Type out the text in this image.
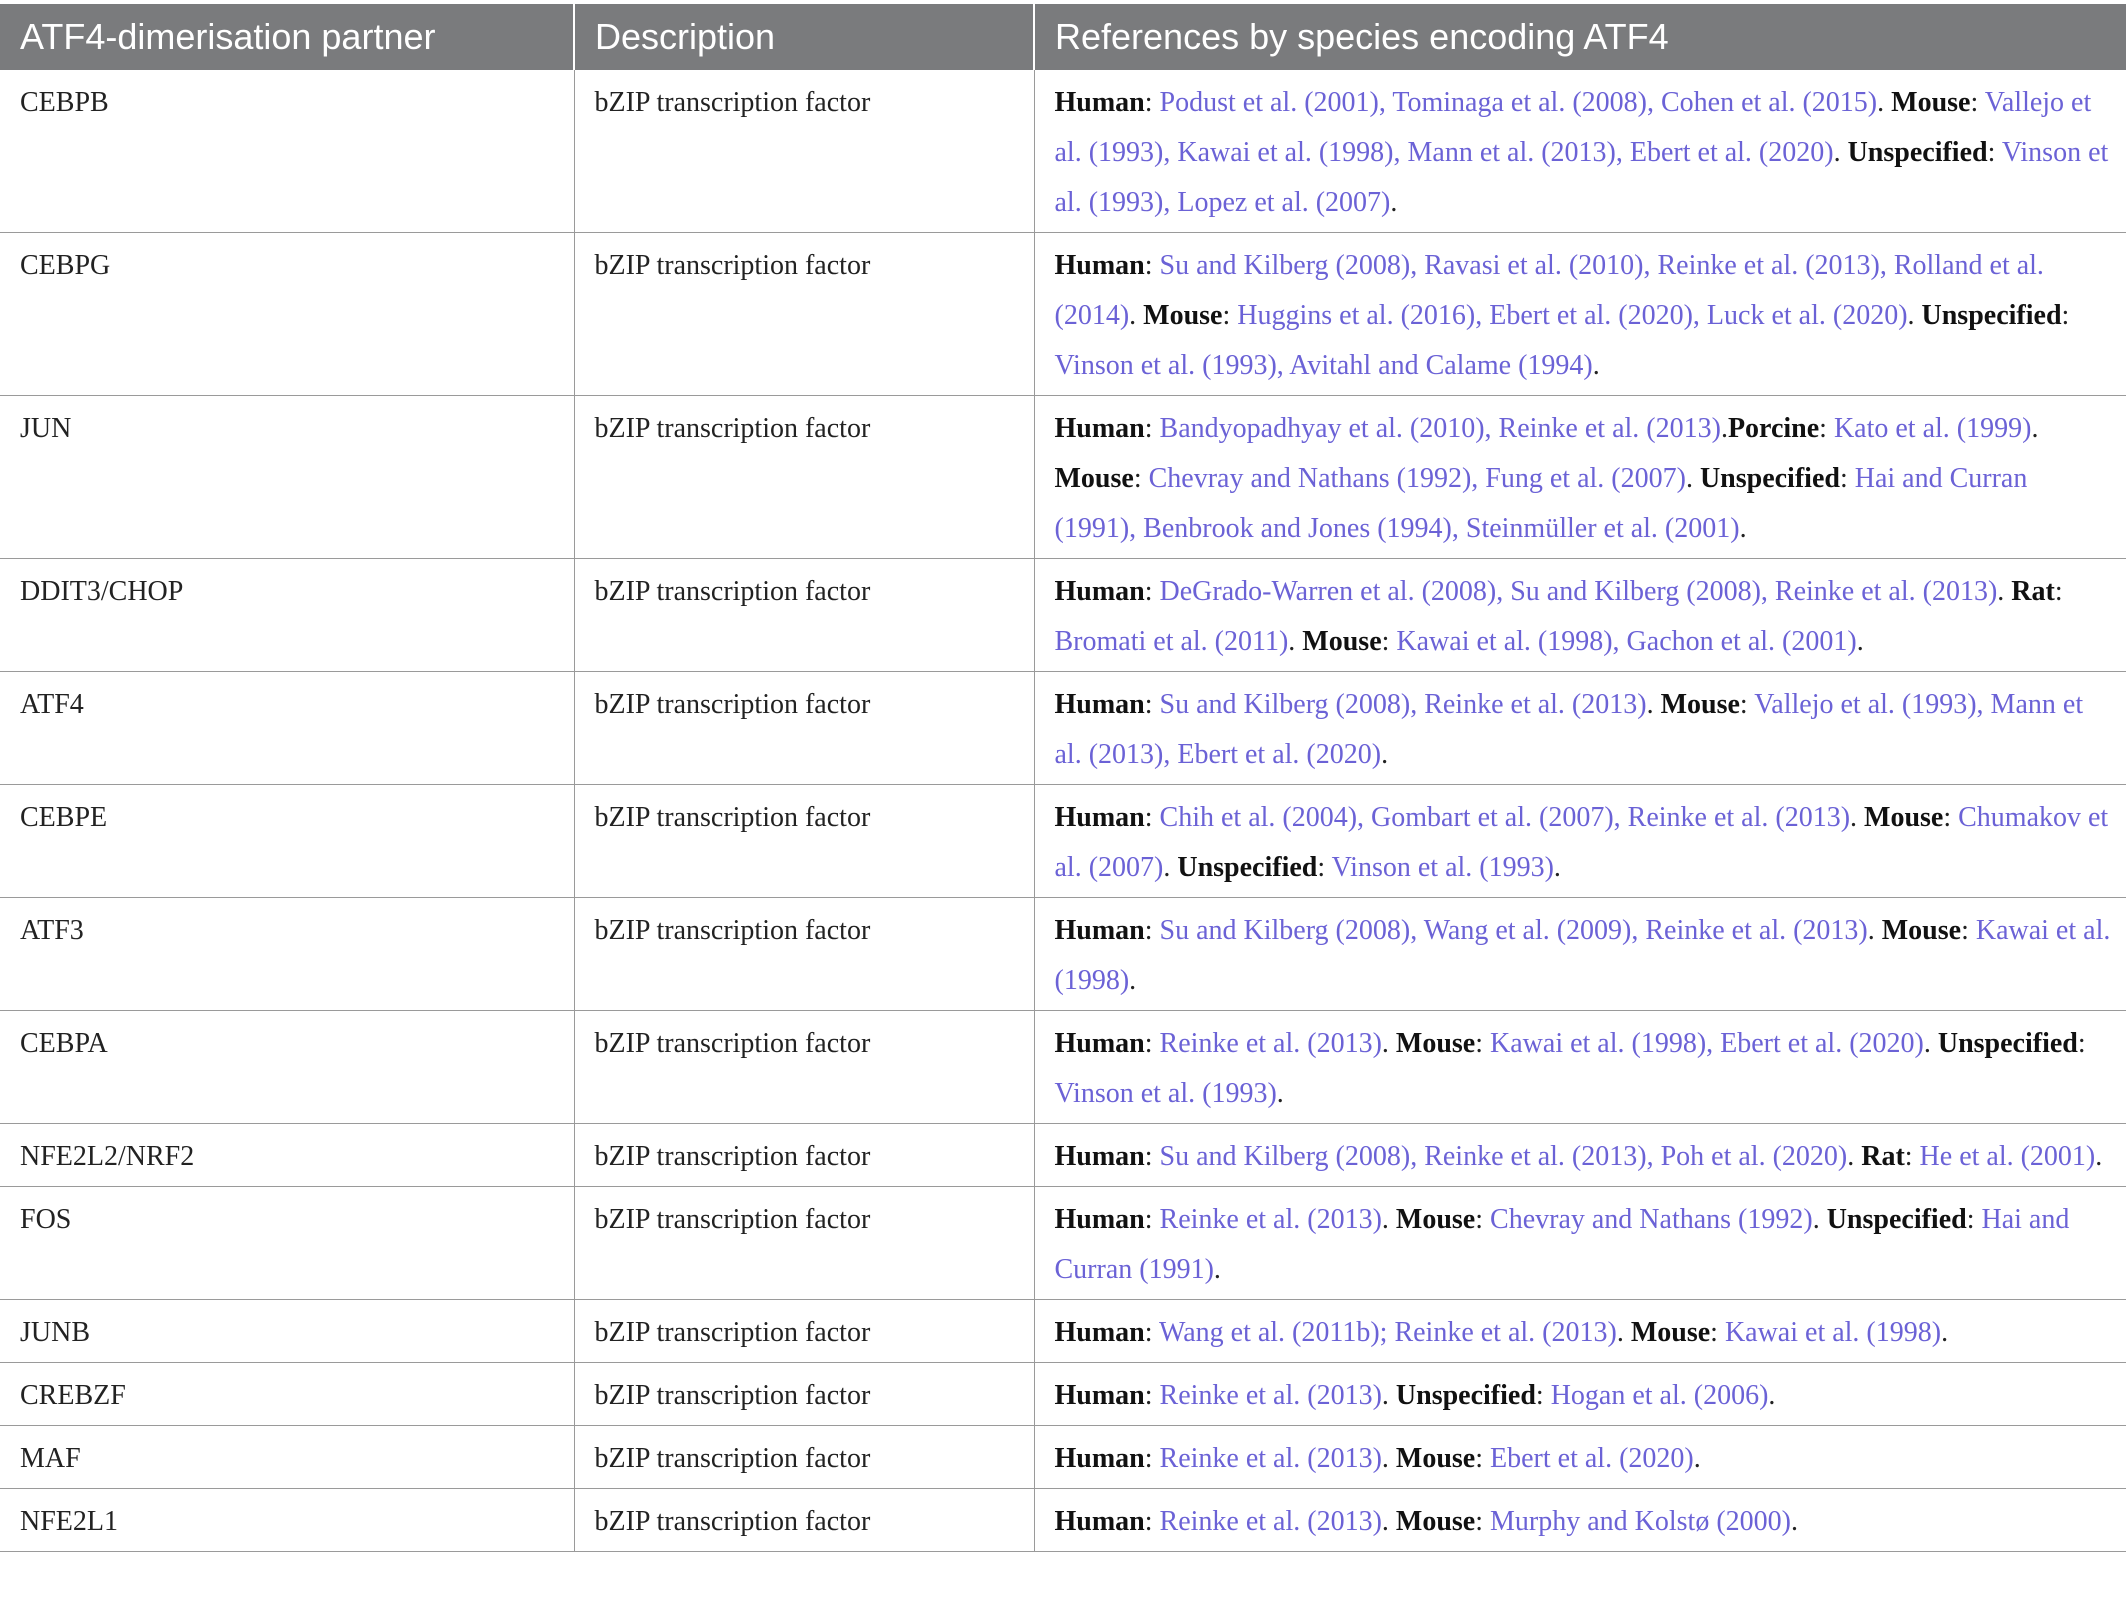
ATF4-dimerisation partner	Description	References by species encoding ATF4
CEBPB	bZIP transcription factor	Human: Podust et al. (2001), Tominaga et al. (2008), Cohen et al. (2015). Mouse: Vallejo et al. (1993), Kawai et al. (1998), Mann et al. (2013), Ebert et al. (2020). Unspecified: Vinson et al. (1993), Lopez et al. (2007).
CEBPG	bZIP transcription factor	Human: Su and Kilberg (2008), Ravasi et al. (2010), Reinke et al. (2013), Rolland et al. (2014). Mouse: Huggins et al. (2016), Ebert et al. (2020), Luck et al. (2020). Unspecified: Vinson et al. (1993), Avitahl and Calame (1994).
JUN	bZIP transcription factor	Human: Bandyopadhyay et al. (2010), Reinke et al. (2013).Porcine: Kato et al. (1999). Mouse: Chevray and Nathans (1992), Fung et al. (2007). Unspecified: Hai and Curran (1991), Benbrook and Jones (1994), Steinmüller et al. (2001).
DDIT3/CHOP	bZIP transcription factor	Human: DeGrado-Warren et al. (2008), Su and Kilberg (2008), Reinke et al. (2013). Rat: Bromati et al. (2011). Mouse: Kawai et al. (1998), Gachon et al. (2001).
ATF4	bZIP transcription factor	Human: Su and Kilberg (2008), Reinke et al. (2013). Mouse: Vallejo et al. (1993), Mann et al. (2013), Ebert et al. (2020).
CEBPE	bZIP transcription factor	Human: Chih et al. (2004), Gombart et al. (2007), Reinke et al. (2013). Mouse: Chumakov et al. (2007). Unspecified: Vinson et al. (1993).
ATF3	bZIP transcription factor	Human: Su and Kilberg (2008), Wang et al. (2009), Reinke et al. (2013). Mouse: Kawai et al. (1998).
CEBPA	bZIP transcription factor	Human: Reinke et al. (2013). Mouse: Kawai et al. (1998), Ebert et al. (2020). Unspecified: Vinson et al. (1993).
NFE2L2/NRF2	bZIP transcription factor	Human: Su and Kilberg (2008), Reinke et al. (2013), Poh et al. (2020). Rat: He et al. (2001).
FOS	bZIP transcription factor	Human: Reinke et al. (2013). Mouse: Chevray and Nathans (1992). Unspecified: Hai and Curran (1991).
JUNB	bZIP transcription factor	Human: Wang et al. (2011b); Reinke et al. (2013). Mouse: Kawai et al. (1998).
CREBZF	bZIP transcription factor	Human: Reinke et al. (2013). Unspecified: Hogan et al. (2006).
MAF	bZIP transcription factor	Human: Reinke et al. (2013). Mouse: Ebert et al. (2020).
NFE2L1	bZIP transcription factor	Human: Reinke et al. (2013). Mouse: Murphy and Kolstø (2000).
